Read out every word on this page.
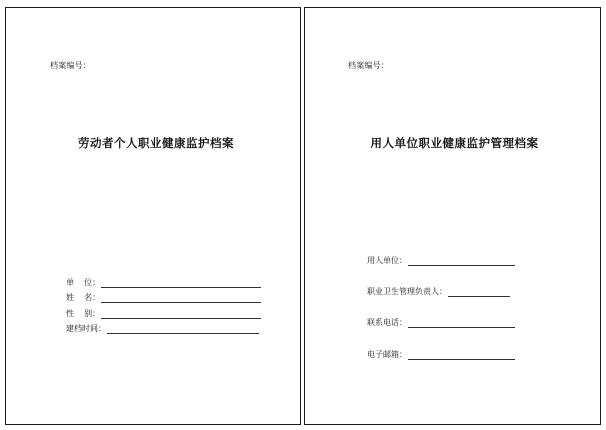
档案编号：
劳动者个人职业健康监护档案
单    位：
姓    名：
性    别：
建档时间：
档案编号：
用人单位职业健康监护管理档案
用人单位：
职业卫生管理负责人：
联系电话：
电子邮箱：
